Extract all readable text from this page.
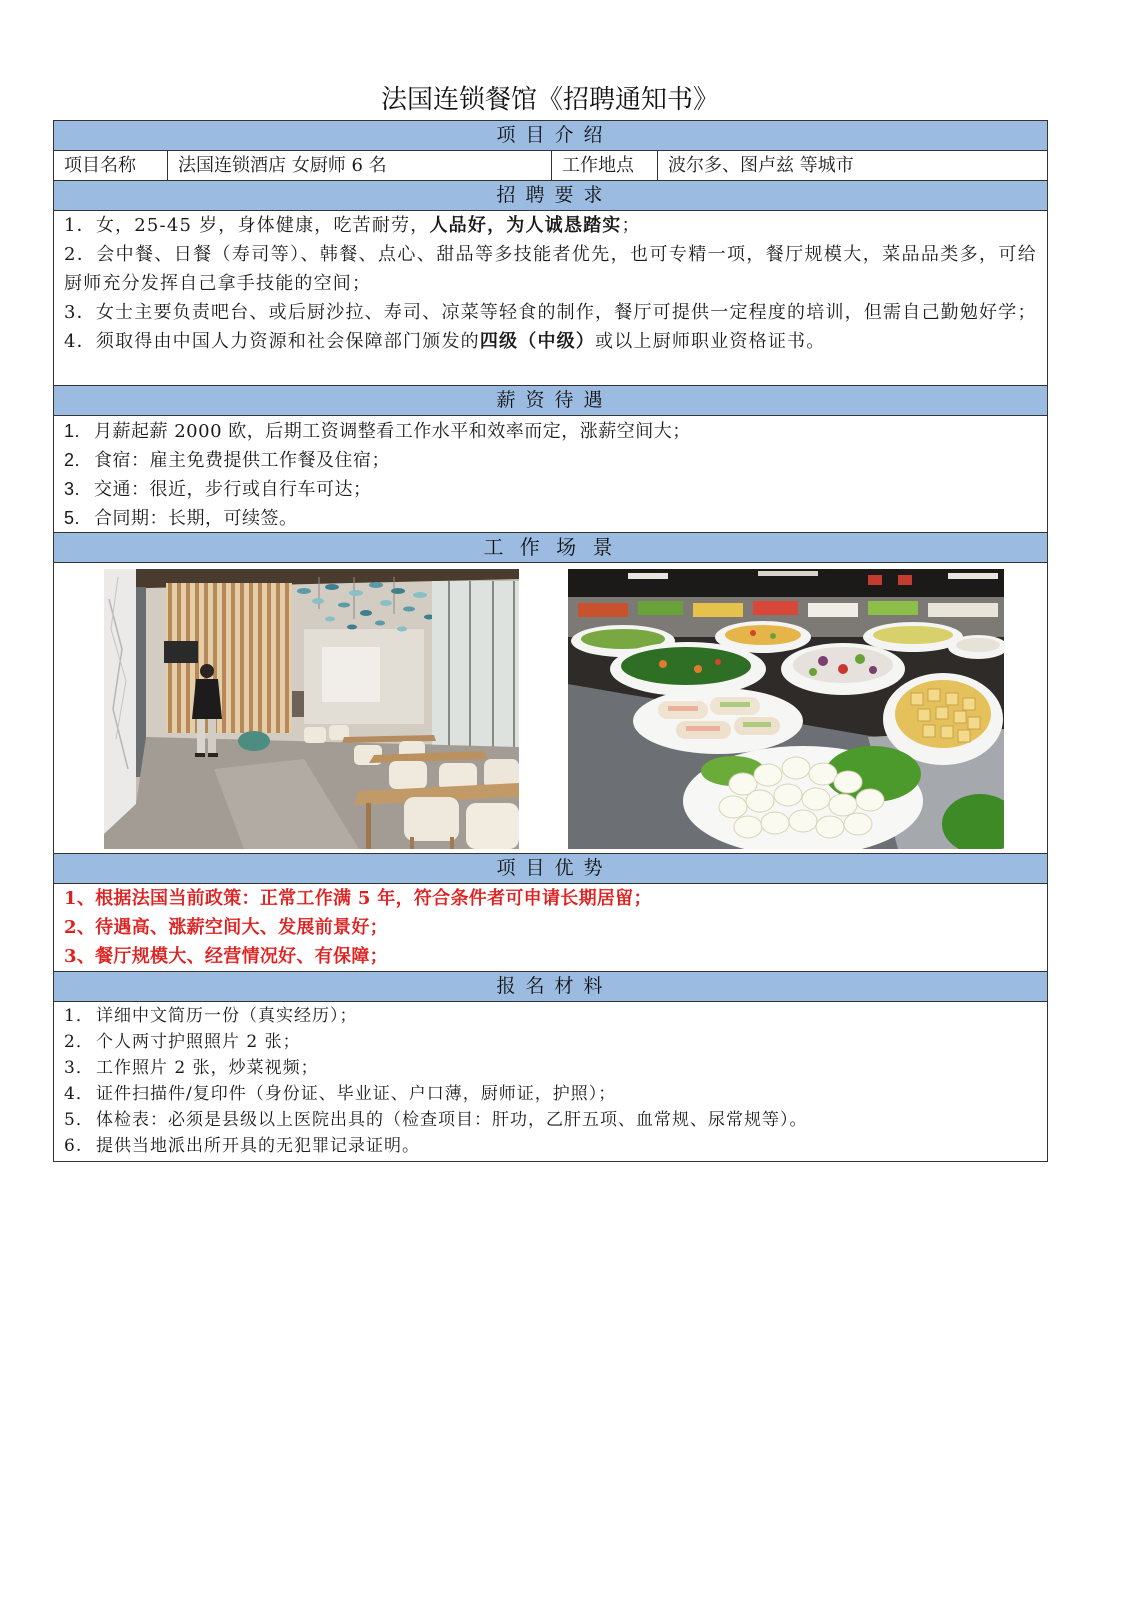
法国连锁餐馆《招聘通知书》
项 目 介 绍
项目名称	法国连锁酒店 女厨师 6 名	工作地点	波尔多、图卢兹 等城市
招 聘 要 求

1．女，25-45 岁，身体健康，吃苦耐劳，人品好，为人诚恳踏实；

2．会中餐、日餐（寿司等）、韩餐、点心、甜品等多技能者优先，也可专精一项，餐厅规模大，菜品品类多，可给厨师充分发挥自己拿手技能的空间；

3．女士主要负责吧台、或后厨沙拉、寿司、凉菜等轻食的制作，餐厅可提供一定程度的培训，但需自己勤勉好学；

4．须取得由中国人力资源和社会保障部门颁发的四级（中级）或以上厨师职业资格证书。

薪 资 待 遇

1. 月薪起薪 2000 欧，后期工资调整看工作水平和效率而定，涨薪空间大；

2. 食宿：雇主免费提供工作餐及住宿；

3. 交通：很近，步行或自行车可达；

5. 合同期：长期，可续签。

工 作 场 景
项 目 优 势

1、根据法国当前政策：正常工作满 5 年，符合条件者可申请长期居留；

2、待遇高、涨薪空间大、发展前景好；

3、餐厅规模大、经营情况好、有保障；

报 名 材 料

1． 详细中文简历一份（真实经历）；

2． 个人两寸护照照片 2 张；

3． 工作照片 2 张，炒菜视频；

4． 证件扫描件/复印件（身份证、毕业证、户口薄，厨师证，护照）；

5． 体检表：必须是县级以上医院出具的（检查项目：肝功，乙肝五项、血常规、尿常规等）。

6. 提供当地派出所开具的无犯罪记录证明。
